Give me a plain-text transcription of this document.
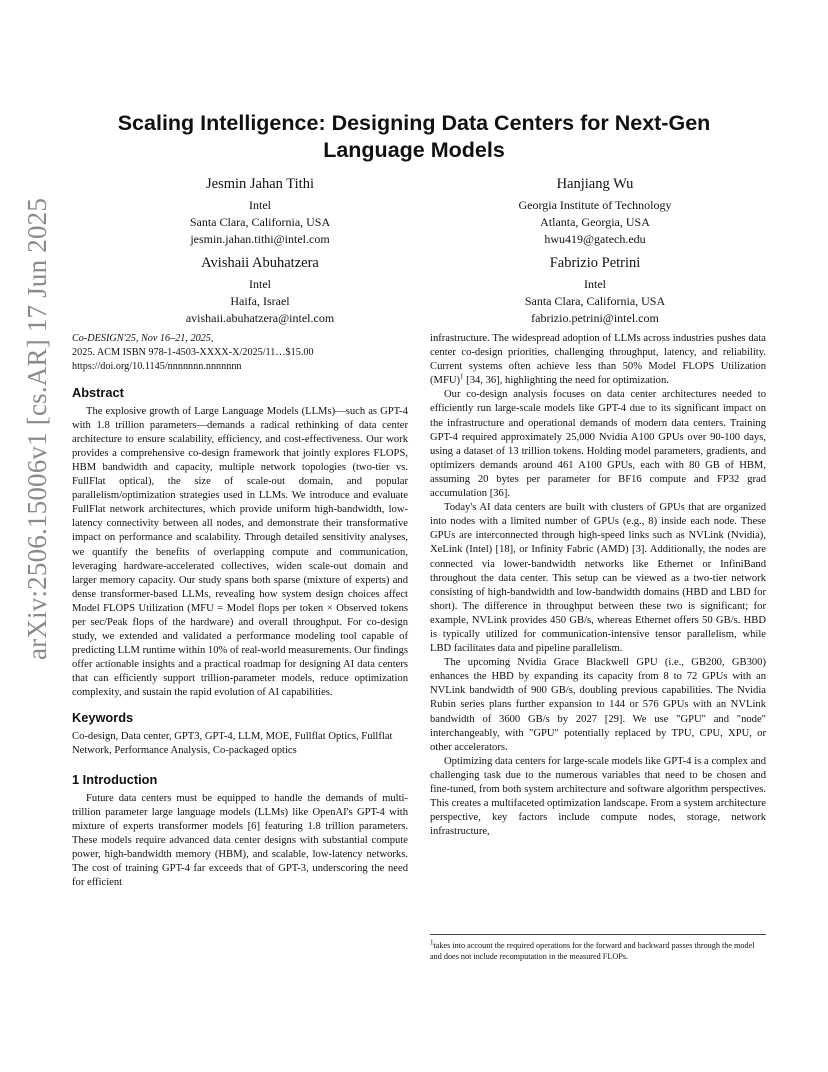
arXiv:2506.15006v1 [cs.AR] 17 Jun 2025
Scaling Intelligence: Designing Data Centers for Next-Gen Language Models
Jesmin Jahan Tithi
Intel
Santa Clara, California, USA
jesmin.jahan.tithi@intel.com
Hanjiang Wu
Georgia Institute of Technology
Atlanta, Georgia, USA
hwu419@gatech.edu
Avishaii Abuhatzera
Intel
Haifa, Israel
avishaii.abuhatzera@intel.com
Fabrizio Petrini
Intel
Santa Clara, California, USA
fabrizio.petrini@intel.com
Co-DESIGN'25, Nov 16–21, 2025,
2025. ACM ISBN 978-1-4503-XXXX-X/2025/11…$15.00
https://doi.org/10.1145/nnnnnnn.nnnnnnn
Abstract

The explosive growth of Large Language Models (LLMs)—such as GPT-4 with 1.8 trillion parameters—demands a radical rethinking of data center architecture to ensure scalability, efficiency, and cost-effectiveness. Our work provides a comprehensive co-design framework that jointly explores FLOPS, HBM bandwidth and capacity, multiple network topologies (two-tier vs. FullFlat optical), the size of scale-out domain, and popular parallelism/optimization strategies used in LLMs. We introduce and evaluate FullFlat network architectures, which provide uniform high-bandwidth, low-latency connectivity between all nodes, and demonstrate their transformative impact on performance and scalability. Through detailed sensitivity analyses, we quantify the benefits of overlapping compute and communication, leveraging hardware-accelerated collectives, widen scale-out domain and larger memory capacity. Our study spans both sparse (mixture of experts) and dense transformer-based LLMs, revealing how system design choices affect Model FLOPS Utilization (MFU = Model flops per token × Observed tokens per sec/Peak flops of the hardware) and overall throughput. For co-design study, we extended and validated a performance modeling tool capable of predicting LLM runtime within 10% of real-world measurements. Our findings offer actionable insights and a practical roadmap for designing AI data centers that can efficiently support trillion-parameter models, reduce optimization complexity, and sustain the rapid evolution of AI capabilities.

Keywords

Co-design, Data center, GPT3, GPT-4, LLM, MOE, Fullflat Optics, Fullflat Network, Performance Analysis, Co-packaged optics

1 Introduction

Future data centers must be equipped to handle the demands of multi-trillion parameter large language models (LLMs) like OpenAI's GPT-4 with mixture of experts transformer models [6] featuring 1.8 trillion parameters. These models require advanced data center designs with substantial compute power, high-bandwidth memory (HBM), and scalable, low-latency networks. The cost of training GPT-4 far exceeds that of GPT-3, underscoring the need for efficient

infrastructure. The widespread adoption of LLMs across industries pushes data center co-design priorities, challenging throughput, latency, and reliability. Current systems often achieve less than 50% Model FLOPS Utilization (MFU)$^1$ [34, 36], highlighting the need for optimization.

Our co-design analysis focuses on data center architectures needed to efficiently run large-scale models like GPT-4 due to its significant impact on the infrastructure and operational demands of modern data centers. Training GPT-4 required approximately 25,000 Nvidia A100 GPUs over 90-100 days, using a dataset of 13 trillion tokens. Holding model parameters, gradients, and optimizers demands around 461 A100 GPUs, each with 80 GB of HBM, assuming 20 bytes per parameter for BF16 compute and FP32 grad accumulation [36].

Today's AI data centers are built with clusters of GPUs that are organized into nodes with a limited number of GPUs (e.g., 8) inside each node. These GPUs are interconnected through high-speed links such as NVLink (Nvidia), XeLink (Intel) [18], or Infinity Fabric (AMD) [3]. Additionally, the nodes are connected via lower-bandwidth networks like Ethernet or InfiniBand throughout the data center. This setup can be viewed as a two-tier network consisting of high-bandwidth and low-bandwidth domains (HBD and LBD for short). The difference in throughput between these two is significant; for example, NVLink provides 450 GB/s, whereas Ethernet offers 50 GB/s. HBD is typically utilized for communication-intensive tensor parallelism, while LBD facilitates data and pipeline parallelism.

The upcoming Nvidia Grace Blackwell GPU (i.e., GB200, GB300) enhances the HBD by expanding its capacity from 8 to 72 GPUs with an NVLink bandwidth of 900 GB/s, doubling previous capabilities. The Nvidia Rubin series plans further expansion to 144 or 576 GPUs with an NVLink bandwidth of 3600 GB/s by 2027 [29]. We use "GPU" and "node" interchangeably, with "GPU" potentially replaced by TPU, CPU, XPU, or other accelerators.

Optimizing data centers for large-scale models like GPT-4 is a complex and challenging task due to the numerous variables that need to be chosen and fine-tuned, from both system architecture and software algorithm perspectives. This creates a multifaceted optimization landscape. From a system architecture perspective, key factors include compute nodes, storage, network infrastructure,

1takes into account the required operations for the forward and backward passes through the model and does not include recomputation in the measured FLOPs.
